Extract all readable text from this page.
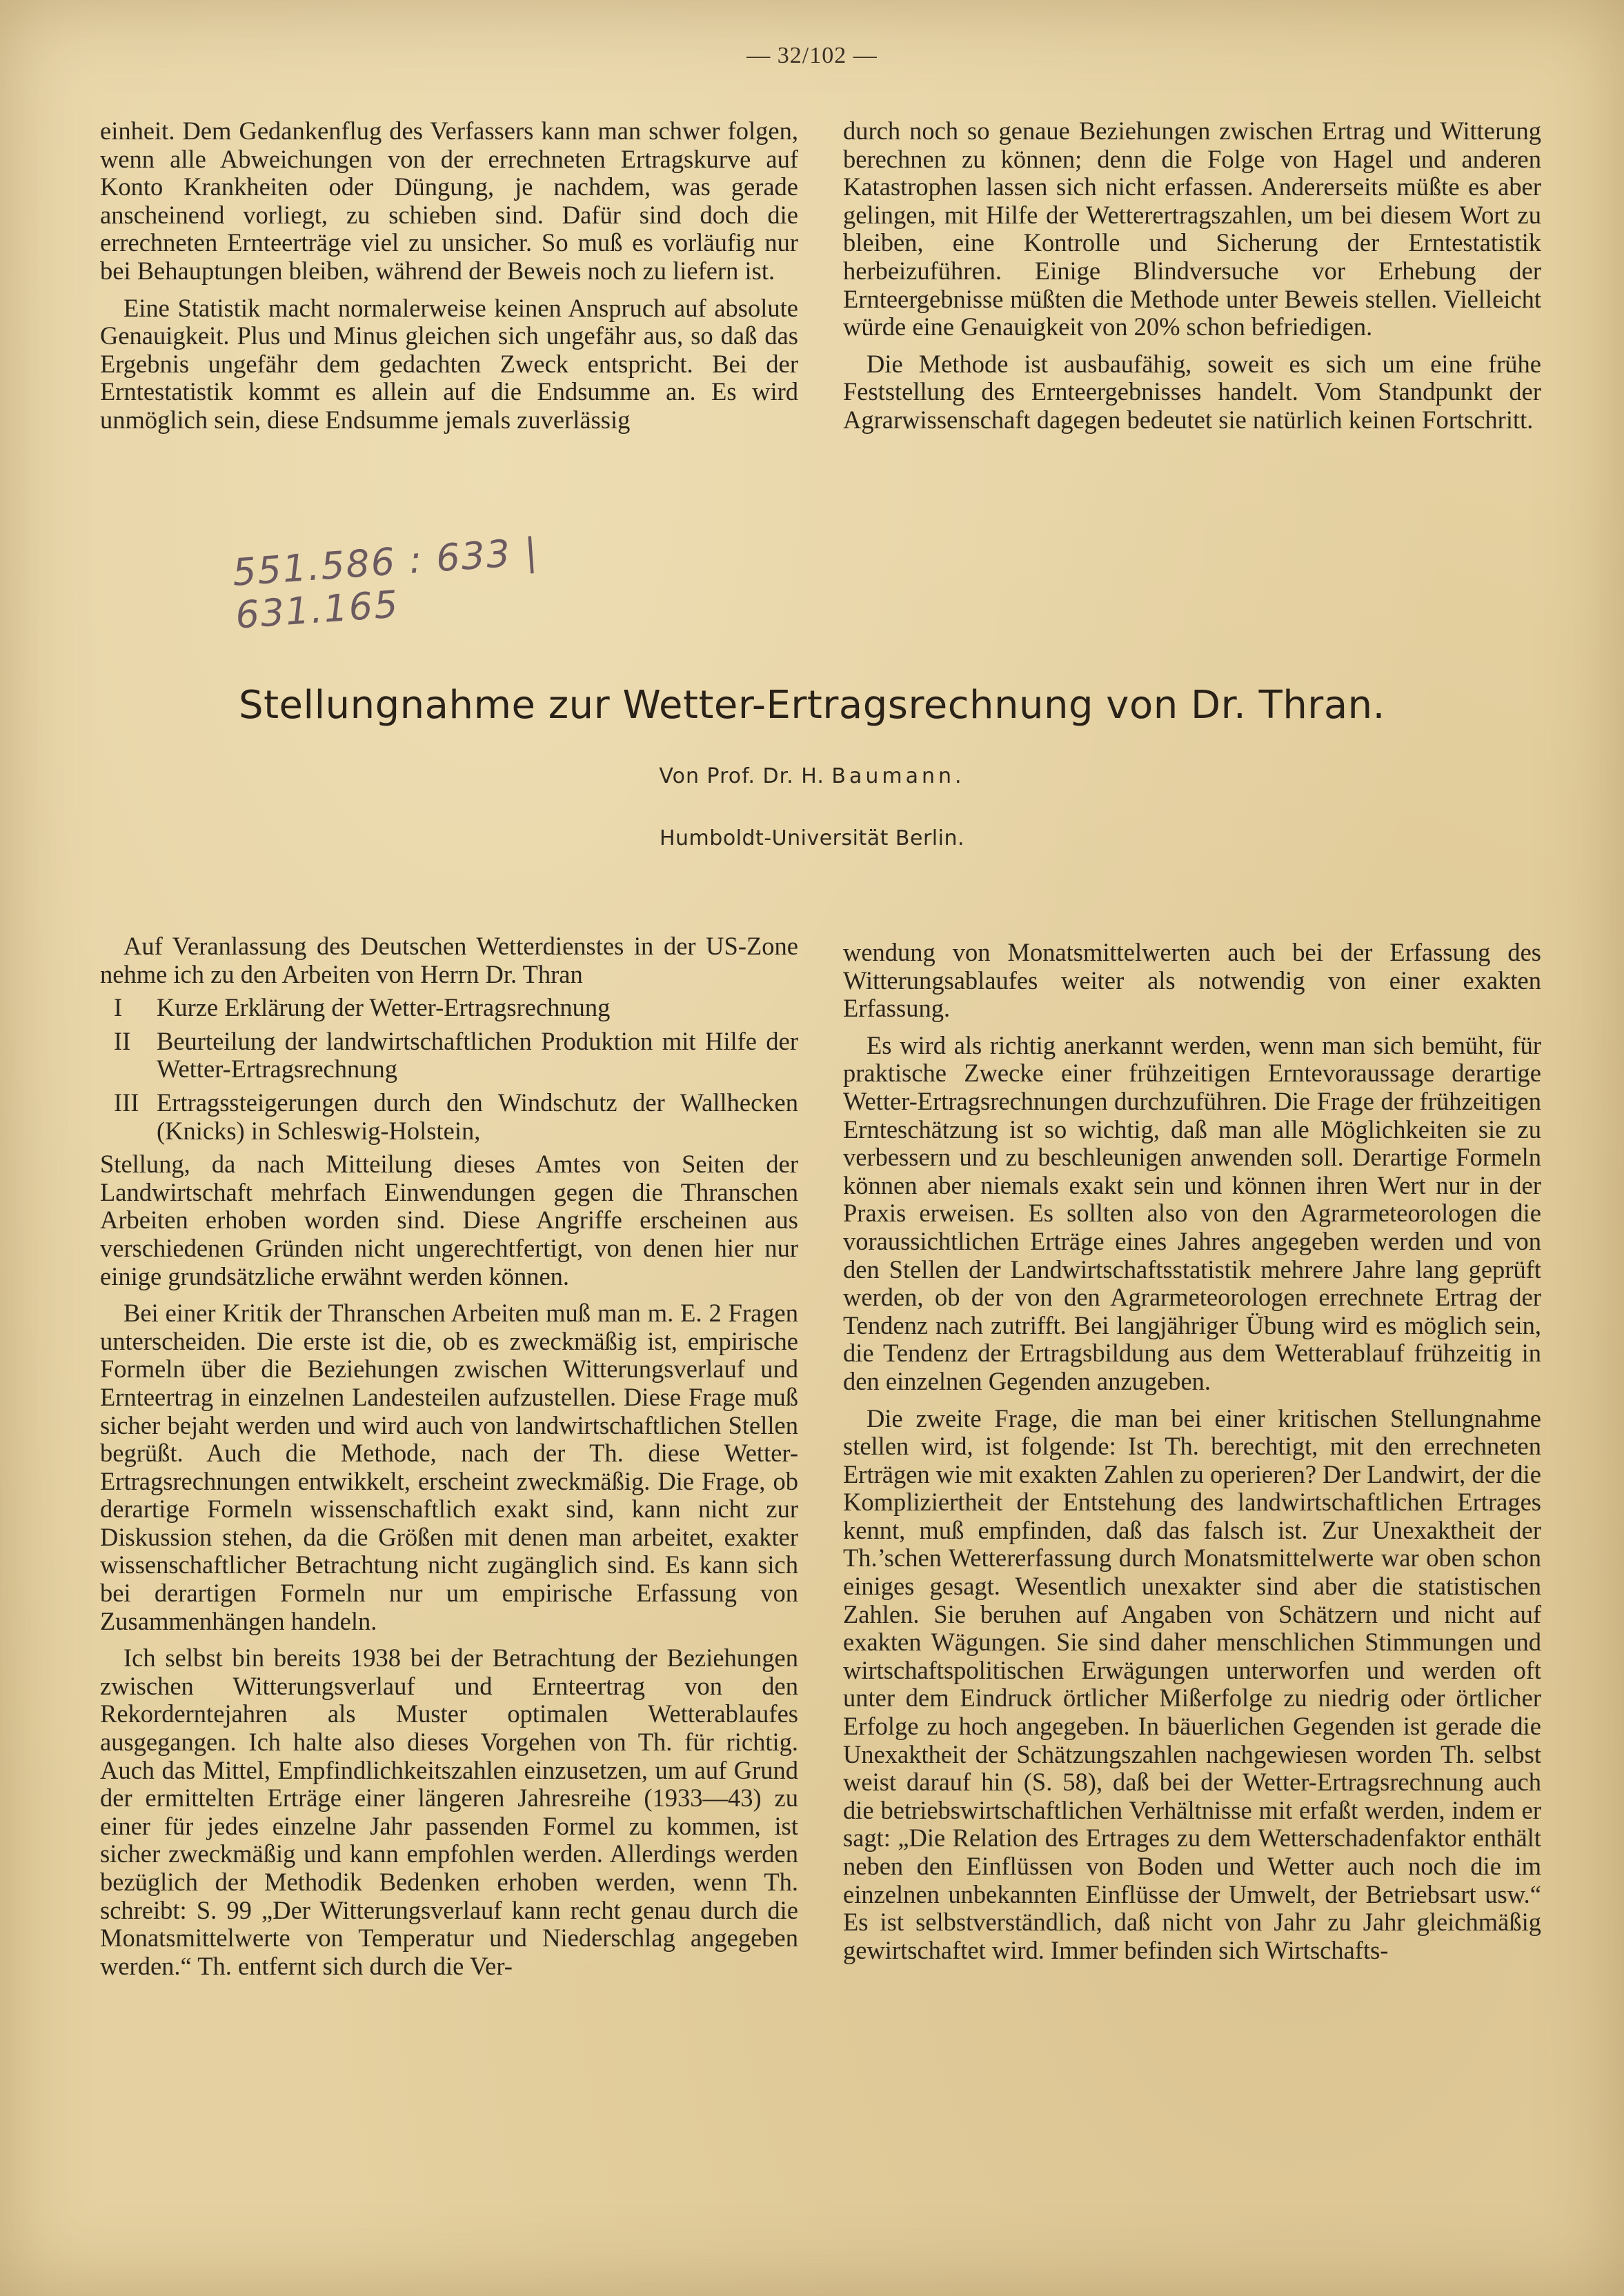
— 32/102 —

einheit. Dem Gedankenflug des Verfassers kann man schwer folgen, wenn alle Abweichungen von der errechneten Ertragskurve auf Konto Krankheiten oder Düngung, je nachdem, was gerade anscheinend vorliegt, zu schieben sind. Dafür sind doch die errechneten Ernteerträge viel zu unsicher. So muß es vorläufig nur bei Behauptungen bleiben, während der Beweis noch zu liefern ist.

Eine Statistik macht normalerweise keinen Anspruch auf absolute Genauigkeit. Plus und Minus gleichen sich ungefähr aus, so daß das Ergebnis ungefähr dem gedachten Zweck entspricht. Bei der Erntestatistik kommt es allein auf die Endsumme an. Es wird unmöglich sein, diese Endsumme jemals zuverlässig

durch noch so genaue Beziehungen zwischen Ertrag und Witterung berechnen zu können; denn die Folge von Hagel und anderen Katastrophen lassen sich nicht erfassen. Andererseits müßte es aber gelingen, mit Hilfe der Wetterertragszahlen, um bei diesem Wort zu bleiben, eine Kontrolle und Sicherung der Erntestatistik herbeizuführen. Einige Blindversuche vor Erhebung der Ernteergebnisse müßten die Methode unter Beweis stellen. Vielleicht würde eine Genauigkeit von 20% schon befriedigen.

Die Methode ist ausbaufähig, soweit es sich um eine frühe Feststellung des Ernteergebnisses handelt. Vom Standpunkt der Agrarwissenschaft dagegen bedeutet sie natürlich keinen Fortschritt.

551.586 : 633 |
631.165
Stellungnahme zur Wetter-Ertragsrechnung von Dr. Thran.
Von Prof. Dr. H. Baumann.
Humboldt-Universität Berlin.

Auf Veranlassung des Deutschen Wetterdienstes in der US-Zone nehme ich zu den Arbeiten von Herrn Dr. Thran

I	Kurze Erklärung der Wetter-Ertragsrechnung
II	Beurteilung der landwirtschaftlichen Produktion mit Hilfe der Wetter-Ertragsrechnung
III Ertragssteigerungen durch den Windschutz der Wallhecken (Knicks) in Schleswig-Holstein,

Stellung, da nach Mitteilung dieses Amtes von Seiten der Landwirtschaft mehrfach Einwendungen gegen die Thranschen Arbeiten erhoben worden sind. Diese Angriffe erscheinen aus verschiedenen Gründen nicht ungerechtfertigt, von denen hier nur einige grundsätzliche erwähnt werden können.

Bei einer Kritik der Thranschen Arbeiten muß man m. E. 2 Fragen unterscheiden. Die erste ist die, ob es zweckmäßig ist, empirische Formeln über die Beziehungen zwischen Witterungsverlauf und Ernteertrag in einzelnen Landesteilen aufzustellen. Diese Frage muß sicher bejaht werden und wird auch von landwirtschaftlichen Stellen begrüßt. Auch die Methode, nach der Th. diese Wetter-Ertragsrechnungen entwikkelt, erscheint zweckmäßig. Die Frage, ob derartige Formeln wissenschaftlich exakt sind, kann nicht zur Diskussion stehen, da die Größen mit denen man arbeitet, exakter wissenschaftlicher Betrachtung nicht zugänglich sind. Es kann sich bei derartigen Formeln nur um empirische Erfassung von Zusammenhängen handeln.

Ich selbst bin bereits 1938 bei der Betrachtung der Beziehungen zwischen Witterungsverlauf und Ernteertrag von den Rekorderntejahren als Muster optimalen Wetterablaufes ausgegangen. Ich halte also dieses Vorgehen von Th. für richtig. Auch das Mittel, Empfindlichkeitszahlen einzusetzen, um auf Grund der ermittelten Erträge einer längeren Jahresreihe (1933—43) zu einer für jedes einzelne Jahr passenden Formel zu kommen, ist sicher zweckmäßig und kann empfohlen werden. Allerdings werden bezüglich der Methodik Bedenken erhoben werden, wenn Th. schreibt: S. 99 „Der Witterungsverlauf kann recht genau durch die Monatsmittelwerte von Temperatur und Niederschlag angegeben werden.“ Th. entfernt sich durch die Ver-

wendung von Monatsmittelwerten auch bei der Erfassung des Witterungsablaufes weiter als notwendig von einer exakten Erfassung.

Es wird als richtig anerkannt werden, wenn man sich bemüht, für praktische Zwecke einer frühzeitigen Erntevoraussage derartige Wetter-Ertragsrechnungen durchzuführen. Die Frage der frühzeitigen Ernteschätzung ist so wichtig, daß man alle Möglichkeiten sie zu verbessern und zu beschleunigen anwenden soll. Derartige Formeln können aber niemals exakt sein und können ihren Wert nur in der Praxis erweisen. Es sollten also von den Agrarmeteorologen die voraussichtlichen Erträge eines Jahres angegeben werden und von den Stellen der Landwirtschaftsstatistik mehrere Jahre lang geprüft werden, ob der von den Agrarmeteorologen errechnete Ertrag der Tendenz nach zutrifft. Bei langjähriger Übung wird es möglich sein, die Tendenz der Ertragsbildung aus dem Wetterablauf frühzeitig in den einzelnen Gegenden anzugeben.

Die zweite Frage, die man bei einer kritischen Stellungnahme stellen wird, ist folgende: Ist Th. berechtigt, mit den errechneten Erträgen wie mit exakten Zahlen zu operieren? Der Landwirt, der die Kompliziertheit der Entstehung des landwirtschaftlichen Ertrages kennt, muß empfinden, daß das falsch ist. Zur Unexaktheit der Th.’schen Wettererfassung durch Monatsmittelwerte war oben schon einiges gesagt. Wesentlich unexakter sind aber die statistischen Zahlen. Sie beruhen auf Angaben von Schätzern und nicht auf exakten Wägungen. Sie sind daher menschlichen Stimmungen und wirtschaftspolitischen Erwägungen unterworfen und werden oft unter dem Eindruck örtlicher Mißerfolge zu niedrig oder örtlicher Erfolge zu hoch angegeben. In bäuerlichen Gegenden ist gerade die Unexaktheit der Schätzungszahlen nachgewiesen worden Th. selbst weist darauf hin (S. 58), daß bei der Wetter-Ertragsrechnung auch die betriebswirtschaftlichen Verhältnisse mit erfaßt werden, indem er sagt: „Die Relation des Ertrages zu dem Wetterschadenfaktor enthält neben den Einflüssen von Boden und Wetter auch noch die im einzelnen unbekannten Einflüsse der Umwelt, der Betriebsart usw.“ Es ist selbstverständlich, daß nicht von Jahr zu Jahr gleichmäßig gewirtschaftet wird. Immer befinden sich Wirtschafts-
